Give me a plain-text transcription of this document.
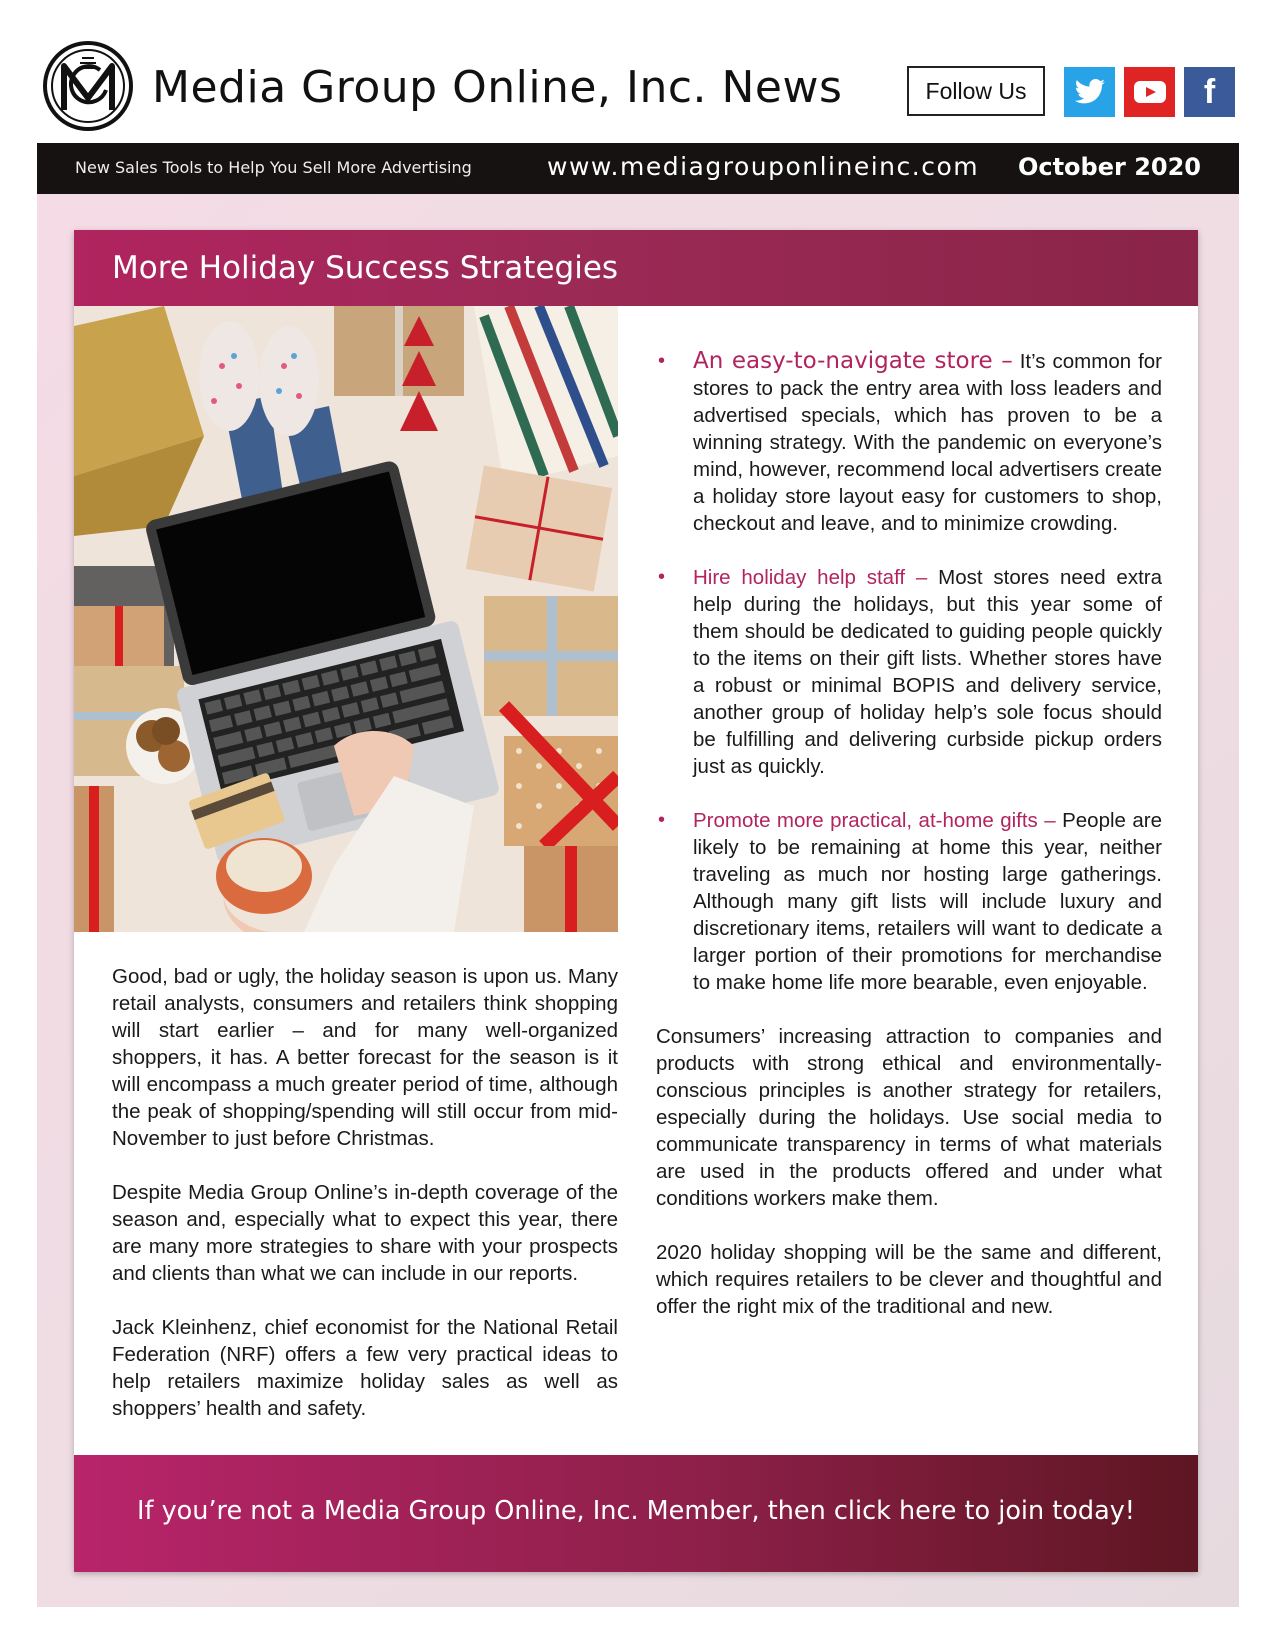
Media Group Online, Inc. News	Follow Us	f
New Sales Tools to Help You Sell More Advertising	www.mediagrouponlineinc.com October 2020
More Holiday Success Strategies

Good, bad or ugly, the holiday season is upon us. Many retail analysts, consumers and retailers think shopping will start earlier – and for many well-organized shoppers, it has. A better forecast for the season is it will encompass a much greater period of time, although the peak of shopping/spending will still occur from mid-November to just before Christmas.

Despite Media Group Online’s in-depth coverage of the season and, especially what to expect this year, there are many more strategies to share with your prospects and clients than what we can include in our reports.

Jack Kleinhenz, chief economist for the National Retail Federation (NRF) offers a few very practical ideas to help retailers maximize holiday sales as well as shoppers’ health and safety.

• An easy-to-navigate store – It’s common for stores to pack the entry area with loss leaders and advertised specials, which has proven to be a winning strategy. With the pandemic on everyone’s mind, however, recommend local advertisers create a holiday store layout easy for customers to shop, checkout and leave, and to minimize crowding.
• Hire holiday help staff – Most stores need extra help during the holidays, but this year some of them should be dedicated to guiding people quickly to the items on their gift lists. Whether stores have a robust or minimal BOPIS and delivery service, another group of holiday help’s sole focus should be fulfilling and delivering curbside pickup orders just as quickly.
• Promote more practical, at-home gifts – People are likely to be remaining at home this year, neither traveling as much nor hosting large gatherings. Although many gift lists will include luxury and discretionary items, retailers will want to dedicate a larger portion of their promotions for merchandise to make home life more bearable, even enjoyable.

Consumers’ increasing attraction to companies and products with strong ethical and environmentally-conscious principles is another strategy for retailers, especially during the holidays. Use social media to communicate transparency in terms of what materials are used in the products offered and under what conditions workers make them.

2020 holiday shopping will be the same and different, which requires retailers to be clever and thoughtful and offer the right mix of the traditional and new.

If you’re not a Media Group Online, Inc. Member, then click here to join today!
